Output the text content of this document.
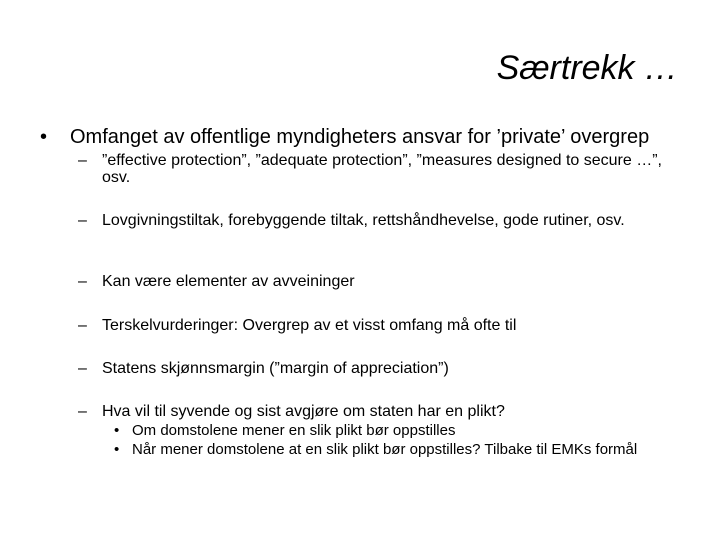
Særtrekk …
• Omfanget av offentlige myndigheters ansvar for ’private’ overgrep
– ”effective protection”, ”adequate protection”, ”measures designed to secure …”, osv.
– Lovgivningstiltak, forebyggende tiltak, rettshåndhevelse, gode rutiner, osv.
– Kan være elementer av avveininger
– Terskelvurderinger: Overgrep av et visst omfang må ofte til
– Statens skjønnsmargin (”margin of appreciation”)
– Hva vil til syvende og sist avgjøre om staten har en plikt?
• Om domstolene mener en slik plikt bør oppstilles
• Når mener domstolene at en slik plikt bør oppstilles? Tilbake til EMKs formål
